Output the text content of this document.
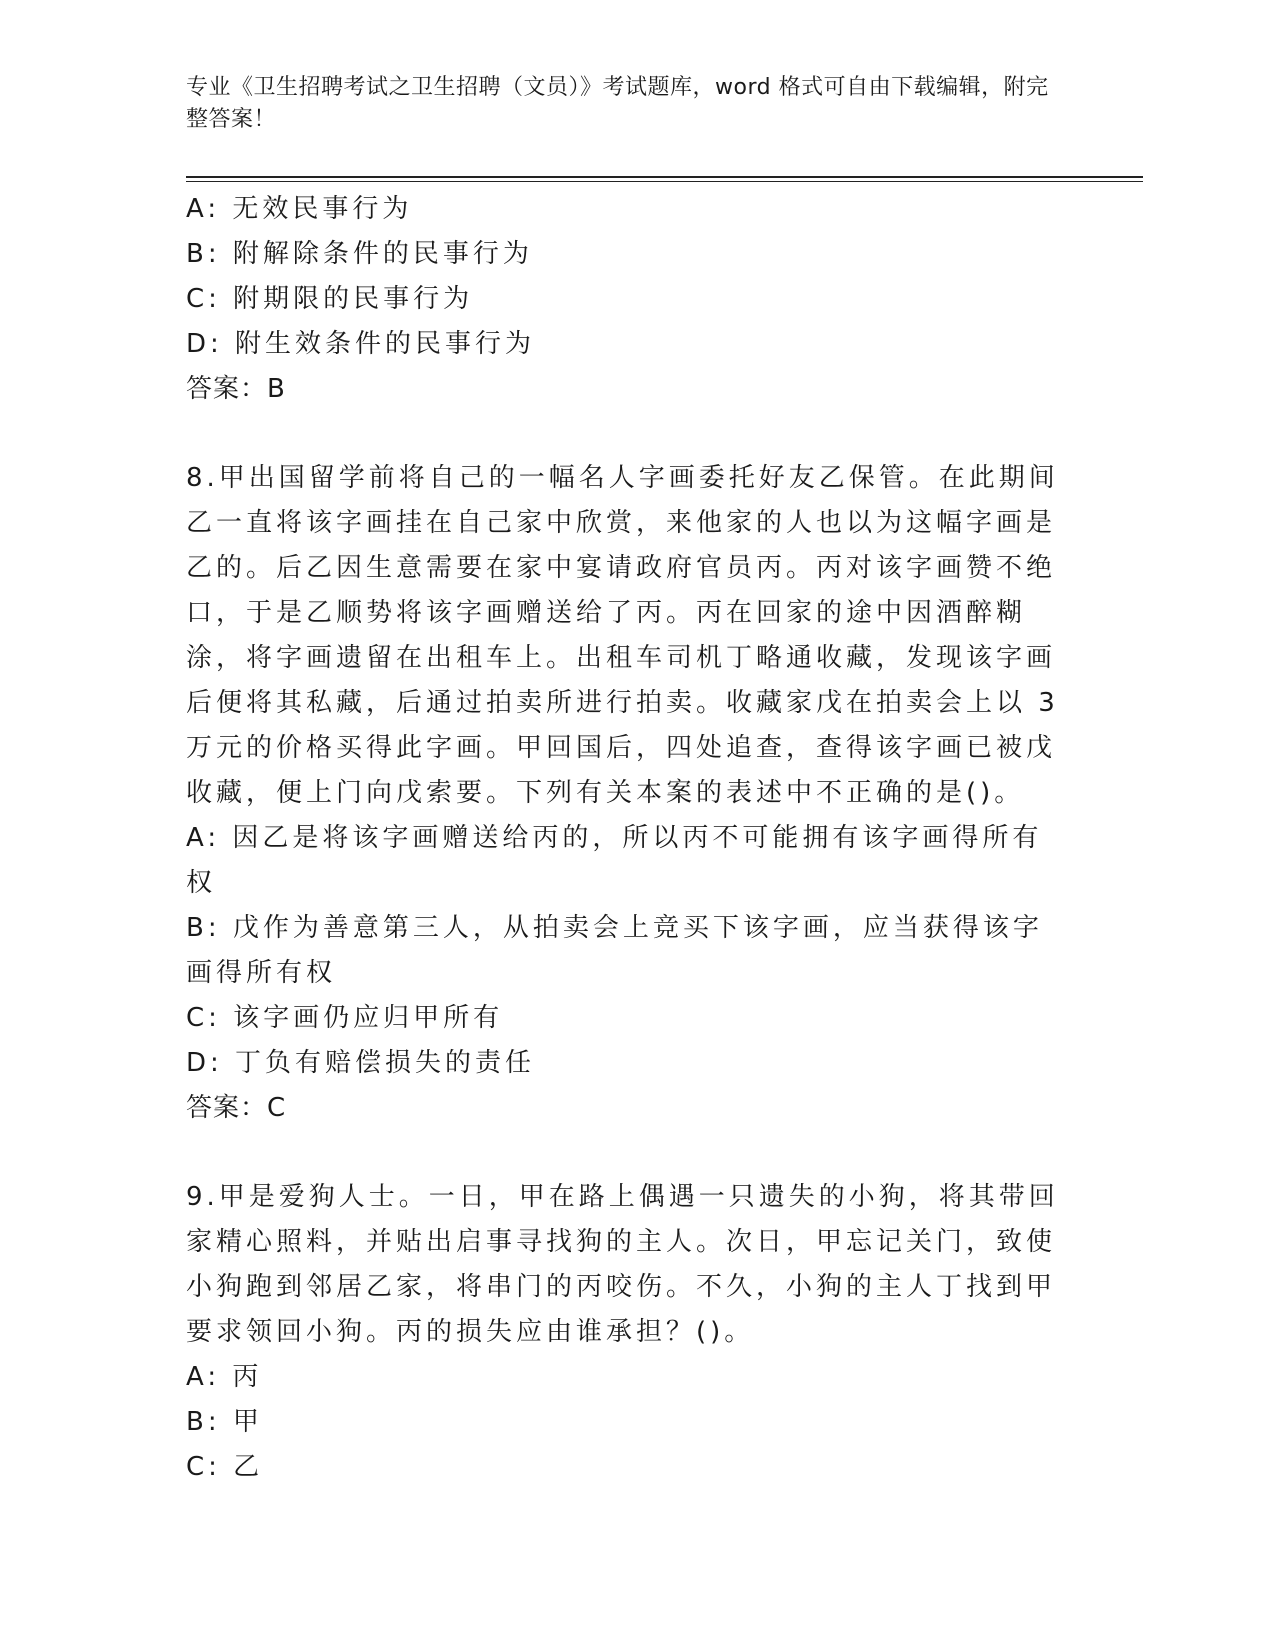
专业《卫生招聘考试之卫生招聘（文员）》考试题库，word 格式可自由下载编辑，附完整答案！
A: 无效民事行为
B: 附解除条件的民事行为
C: 附期限的民事行为
D: 附生效条件的民事行为
答案：B
8.甲出国留学前将自己的一幅名人字画委托好友乙保管。在此期间乙一直将该字画挂在自己家中欣赏，来他家的人也以为这幅字画是乙的。后乙因生意需要在家中宴请政府官员丙。丙对该字画赞不绝口，于是乙顺势将该字画赠送给了丙。丙在回家的途中因酒醉糊涂，将字画遗留在出租车上。出租车司机丁略通收藏，发现该字画后便将其私藏，后通过拍卖所进行拍卖。收藏家戊在拍卖会上以 3 万元的价格买得此字画。甲回国后，四处追查，查得该字画已被戊收藏，便上门向戊索要。下列有关本案的表述中不正确的是()。
A: 因乙是将该字画赠送给丙的，所以丙不可能拥有该字画得所有权
B: 戊作为善意第三人，从拍卖会上竞买下该字画，应当获得该字画得所有权
C: 该字画仍应归甲所有
D: 丁负有赔偿损失的责任
答案：C
9.甲是爱狗人士。一日，甲在路上偶遇一只遗失的小狗，将其带回家精心照料，并贴出启事寻找狗的主人。次日，甲忘记关门，致使小狗跑到邻居乙家，将串门的丙咬伤。不久，小狗的主人丁找到甲要求领回小狗。丙的损失应由谁承担？()。
A: 丙
B: 甲
C: 乙
